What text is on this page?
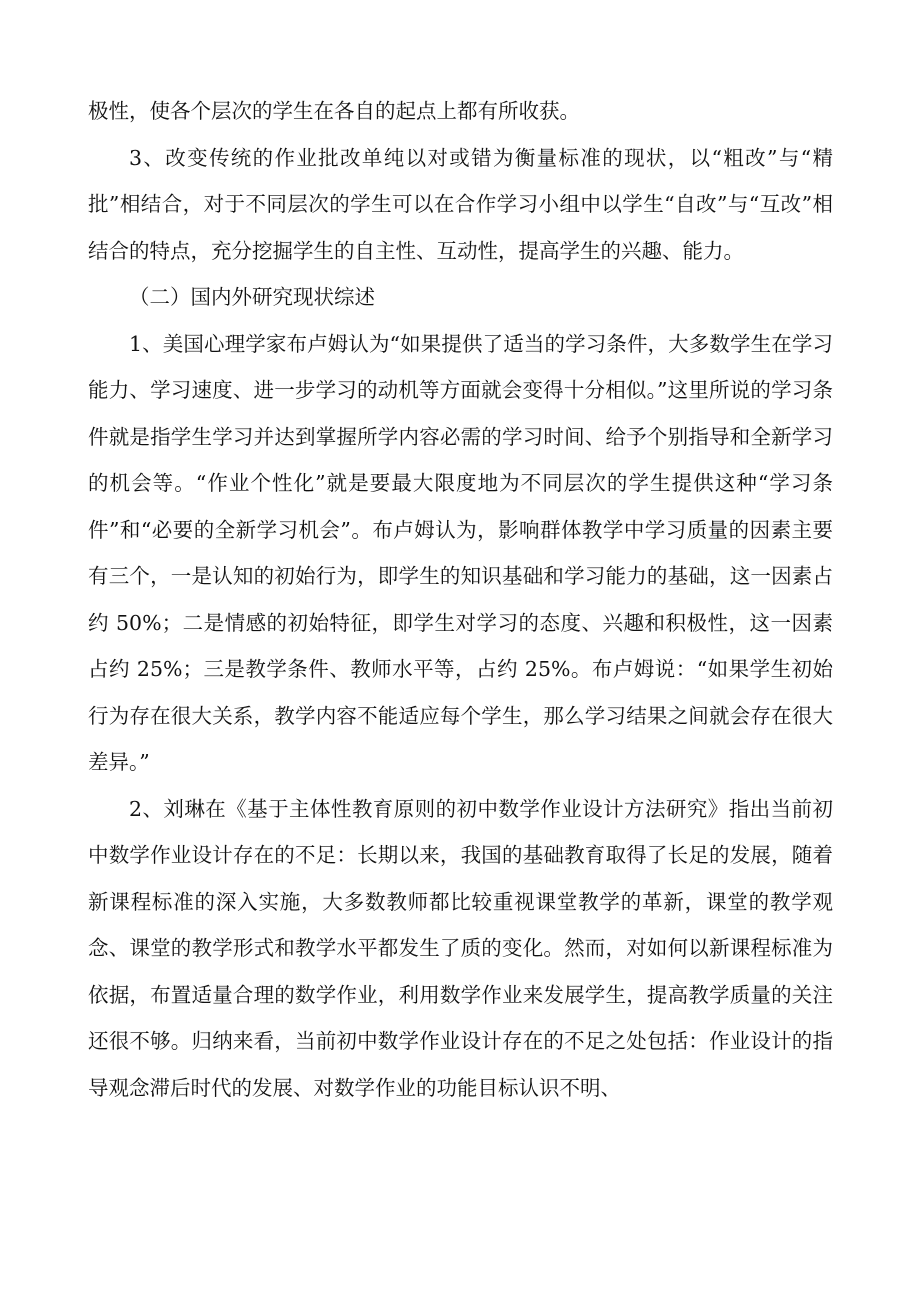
极性，使各个层次的学生在各自的起点上都有所收获。

3、改变传统的作业批改单纯以对或错为衡量标准的现状，以“粗改”与“精批”相结合，对于不同层次的学生可以在合作学习小组中以学生“自改”与“互改”相结合的特点，充分挖掘学生的自主性、互动性，提高学生的兴趣、能力。

（二）国内外研究现状综述

1、美国心理学家布卢姆认为“如果提供了适当的学习条件，大多数学生在学习能力、学习速度、进一步学习的动机等方面就会变得十分相似。”这里所说的学习条件就是指学生学习并达到掌握所学内容必需的学习时间、给予个别指导和全新学习的机会等。“作业个性化”就是要最大限度地为不同层次的学生提供这种“学习条件”和“必要的全新学习机会”。布卢姆认为，影响群体教学中学习质量的因素主要有三个，一是认知的初始行为，即学生的知识基础和学习能力的基础，这一因素占约 50%；二是情感的初始特征，即学生对学习的态度、兴趣和积极性，这一因素占约 25%；三是教学条件、教师水平等，占约 25%。布卢姆说：“如果学生初始行为存在很大关系，教学内容不能适应每个学生，那么学习结果之间就会存在很大差异。”

2、刘琳在《基于主体性教育原则的初中数学作业设计方法研究》指出当前初中数学作业设计存在的不足：长期以来，我国的基础教育取得了长足的发展，随着新课程标准的深入实施，大多数教师都比较重视课堂教学的革新，课堂的教学观念、课堂的教学形式和教学水平都发生了质的变化。然而，对如何以新课程标准为依据，布置适量合理的数学作业，利用数学作业来发展学生，提高教学质量的关注还很不够。归纳来看，当前初中数学作业设计存在的不足之处包括：作业设计的指导观念滞后时代的发展、对数学作业的功能目标认识不明、
